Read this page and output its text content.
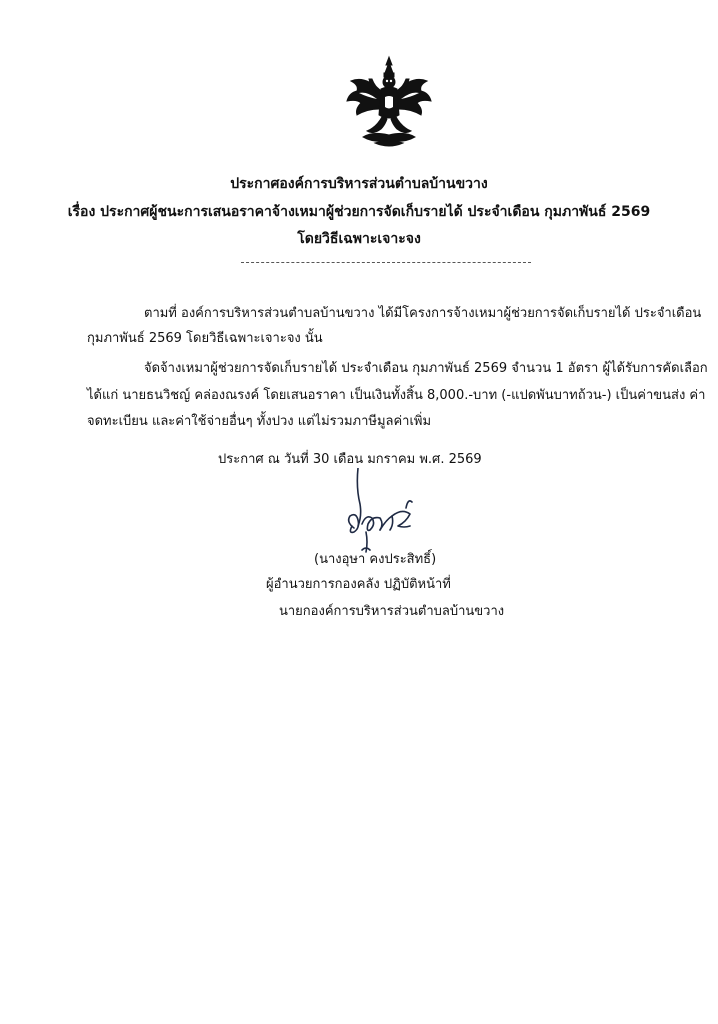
ประกาศองค์การบริหารส่วนตำบลบ้านขวาง
เรื่อง ประกาศผู้ชนะการเสนอราคาจ้างเหมาผู้ช่วยการจัดเก็บรายได้ ประจำเดือน กุมภาพันธ์ 2569
โดยวิธีเฉพาะเจาะจง
ตามที่ องค์การบริหารส่วนตำบลบ้านขวาง ได้มีโครงการจ้างเหมาผู้ช่วยการจัดเก็บรายได้ ประจำเดือน
กุมภาพันธ์ 2569 โดยวิธีเฉพาะเจาะจง นั้น
จัดจ้างเหมาผู้ช่วยการจัดเก็บรายได้ ประจำเดือน กุมภาพันธ์ 2569 จำนวน 1 อัตรา ผู้ได้รับการคัดเลือก
ได้แก่ นายธนวิชญ์ คล่องณรงค์ โดยเสนอราคา เป็นเงินทั้งสิ้น 8,000.-บาท (-แปดพันบาทถ้วน-) เป็นค่าขนส่ง ค่า
จดทะเบียน และค่าใช้จ่ายอื่นๆ ทั้งปวง แต่ไม่รวมภาษีมูลค่าเพิ่ม
ประกาศ ณ วันที่ 30 เดือน มกราคม พ.ศ. 2569
(นางอุษา คงประสิทธิ์)
ผู้อำนวยการกองคลัง ปฏิบัติหน้าที่
นายกองค์การบริหารส่วนตำบลบ้านขวาง
